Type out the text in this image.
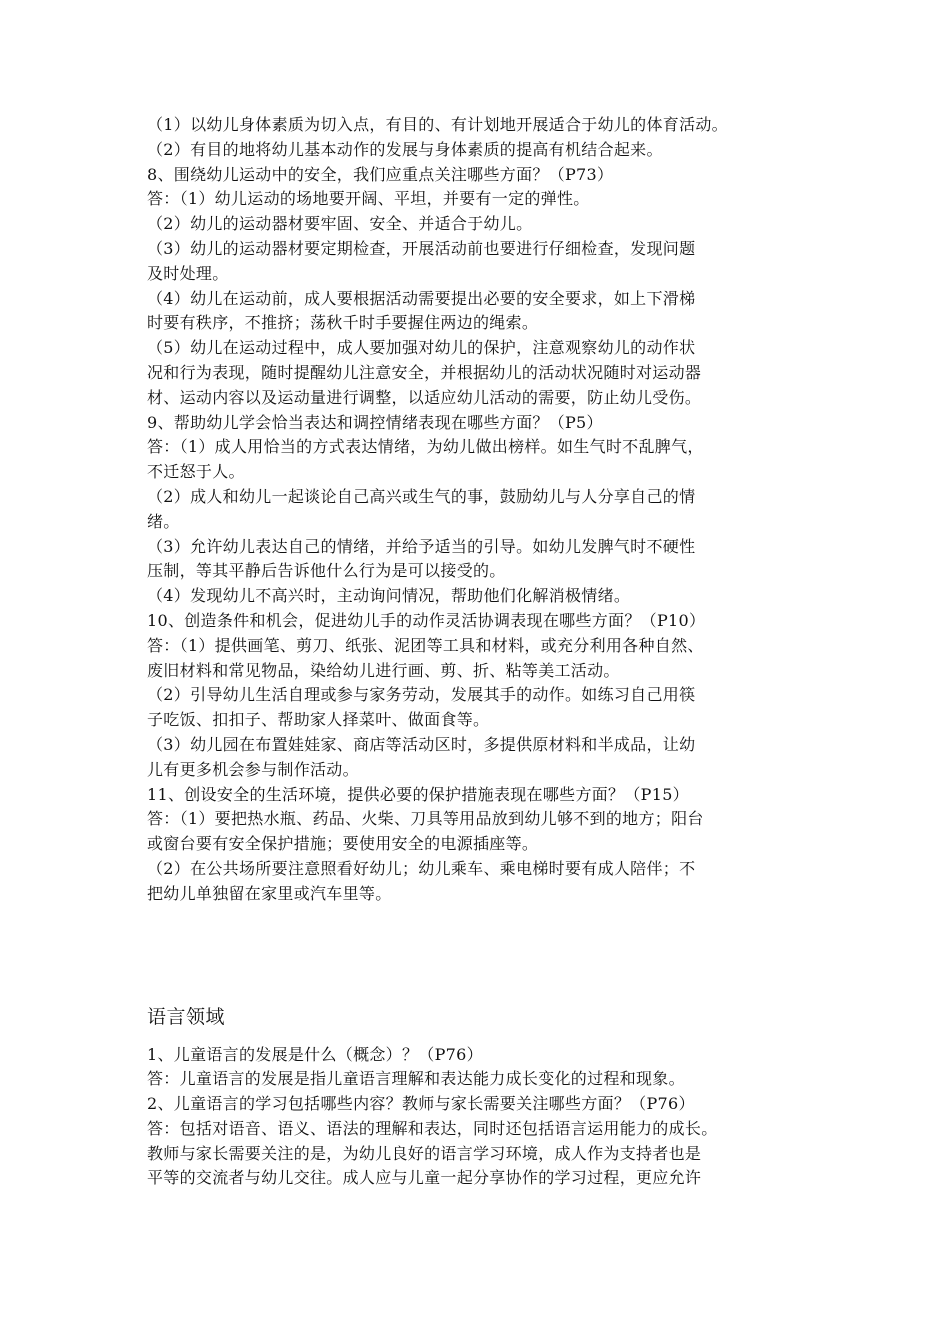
（1）以幼儿身体素质为切入点，有目的、有计划地开展适合于幼儿的体育活动。
（2）有目的地将幼儿基本动作的发展与身体素质的提高有机结合起来。
8、围绕幼儿运动中的安全，我们应重点关注哪些方面？（P73）
答：（1）幼儿运动的场地要开阔、平坦，并要有一定的弹性。
（2）幼儿的运动器材要牢固、安全、并适合于幼儿。
（3）幼儿的运动器材要定期检查，开展活动前也要进行仔细检查，发现问题
及时处理。
（4）幼儿在运动前，成人要根据活动需要提出必要的安全要求，如上下滑梯
时要有秩序，不推挤；荡秋千时手要握住两边的绳索。
（5）幼儿在运动过程中，成人要加强对幼儿的保护，注意观察幼儿的动作状
况和行为表现，随时提醒幼儿注意安全，并根据幼儿的活动状况随时对运动器
材、运动内容以及运动量进行调整，以适应幼儿活动的需要，防止幼儿受伤。
9、帮助幼儿学会恰当表达和调控情绪表现在哪些方面？（P5）
答：（1）成人用恰当的方式表达情绪，为幼儿做出榜样。如生气时不乱脾气，
不迁怒于人。
（2）成人和幼儿一起谈论自己高兴或生气的事，鼓励幼儿与人分享自己的情
绪。
（3）允许幼儿表达自己的情绪，并给予适当的引导。如幼儿发脾气时不硬性
压制，等其平静后告诉他什么行为是可以接受的。
（4）发现幼儿不高兴时，主动询问情况，帮助他们化解消极情绪。
10、创造条件和机会，促进幼儿手的动作灵活协调表现在哪些方面？（P10）
答：（1）提供画笔、剪刀、纸张、泥团等工具和材料，或充分利用各种自然、
废旧材料和常见物品，染给幼儿进行画、剪、折、粘等美工活动。
（2）引导幼儿生活自理或参与家务劳动，发展其手的动作。如练习自己用筷
子吃饭、扣扣子、帮助家人择菜叶、做面食等。
（3）幼儿园在布置娃娃家、商店等活动区时，多提供原材料和半成品，让幼
儿有更多机会参与制作活动。
11、创设安全的生活环境，提供必要的保护措施表现在哪些方面？（P15）
答：（1）要把热水瓶、药品、火柴、刀具等用品放到幼儿够不到的地方；阳台
或窗台要有安全保护措施；要使用安全的电源插座等。
（2）在公共场所要注意照看好幼儿；幼儿乘车、乘电梯时要有成人陪伴；不
把幼儿单独留在家里或汽车里等。
语言领域
1、儿童语言的发展是什么（概念）？（P76）
答：儿童语言的发展是指儿童语言理解和表达能力成长变化的过程和现象。
2、儿童语言的学习包括哪些内容？教师与家长需要关注哪些方面？（P76）
答：包括对语音、语义、语法的理解和表达，同时还包括语言运用能力的成长。
教师与家长需要关注的是，为幼儿良好的语言学习环境，成人作为支持者也是
平等的交流者与幼儿交往。成人应与儿童一起分享协作的学习过程，更应允许
